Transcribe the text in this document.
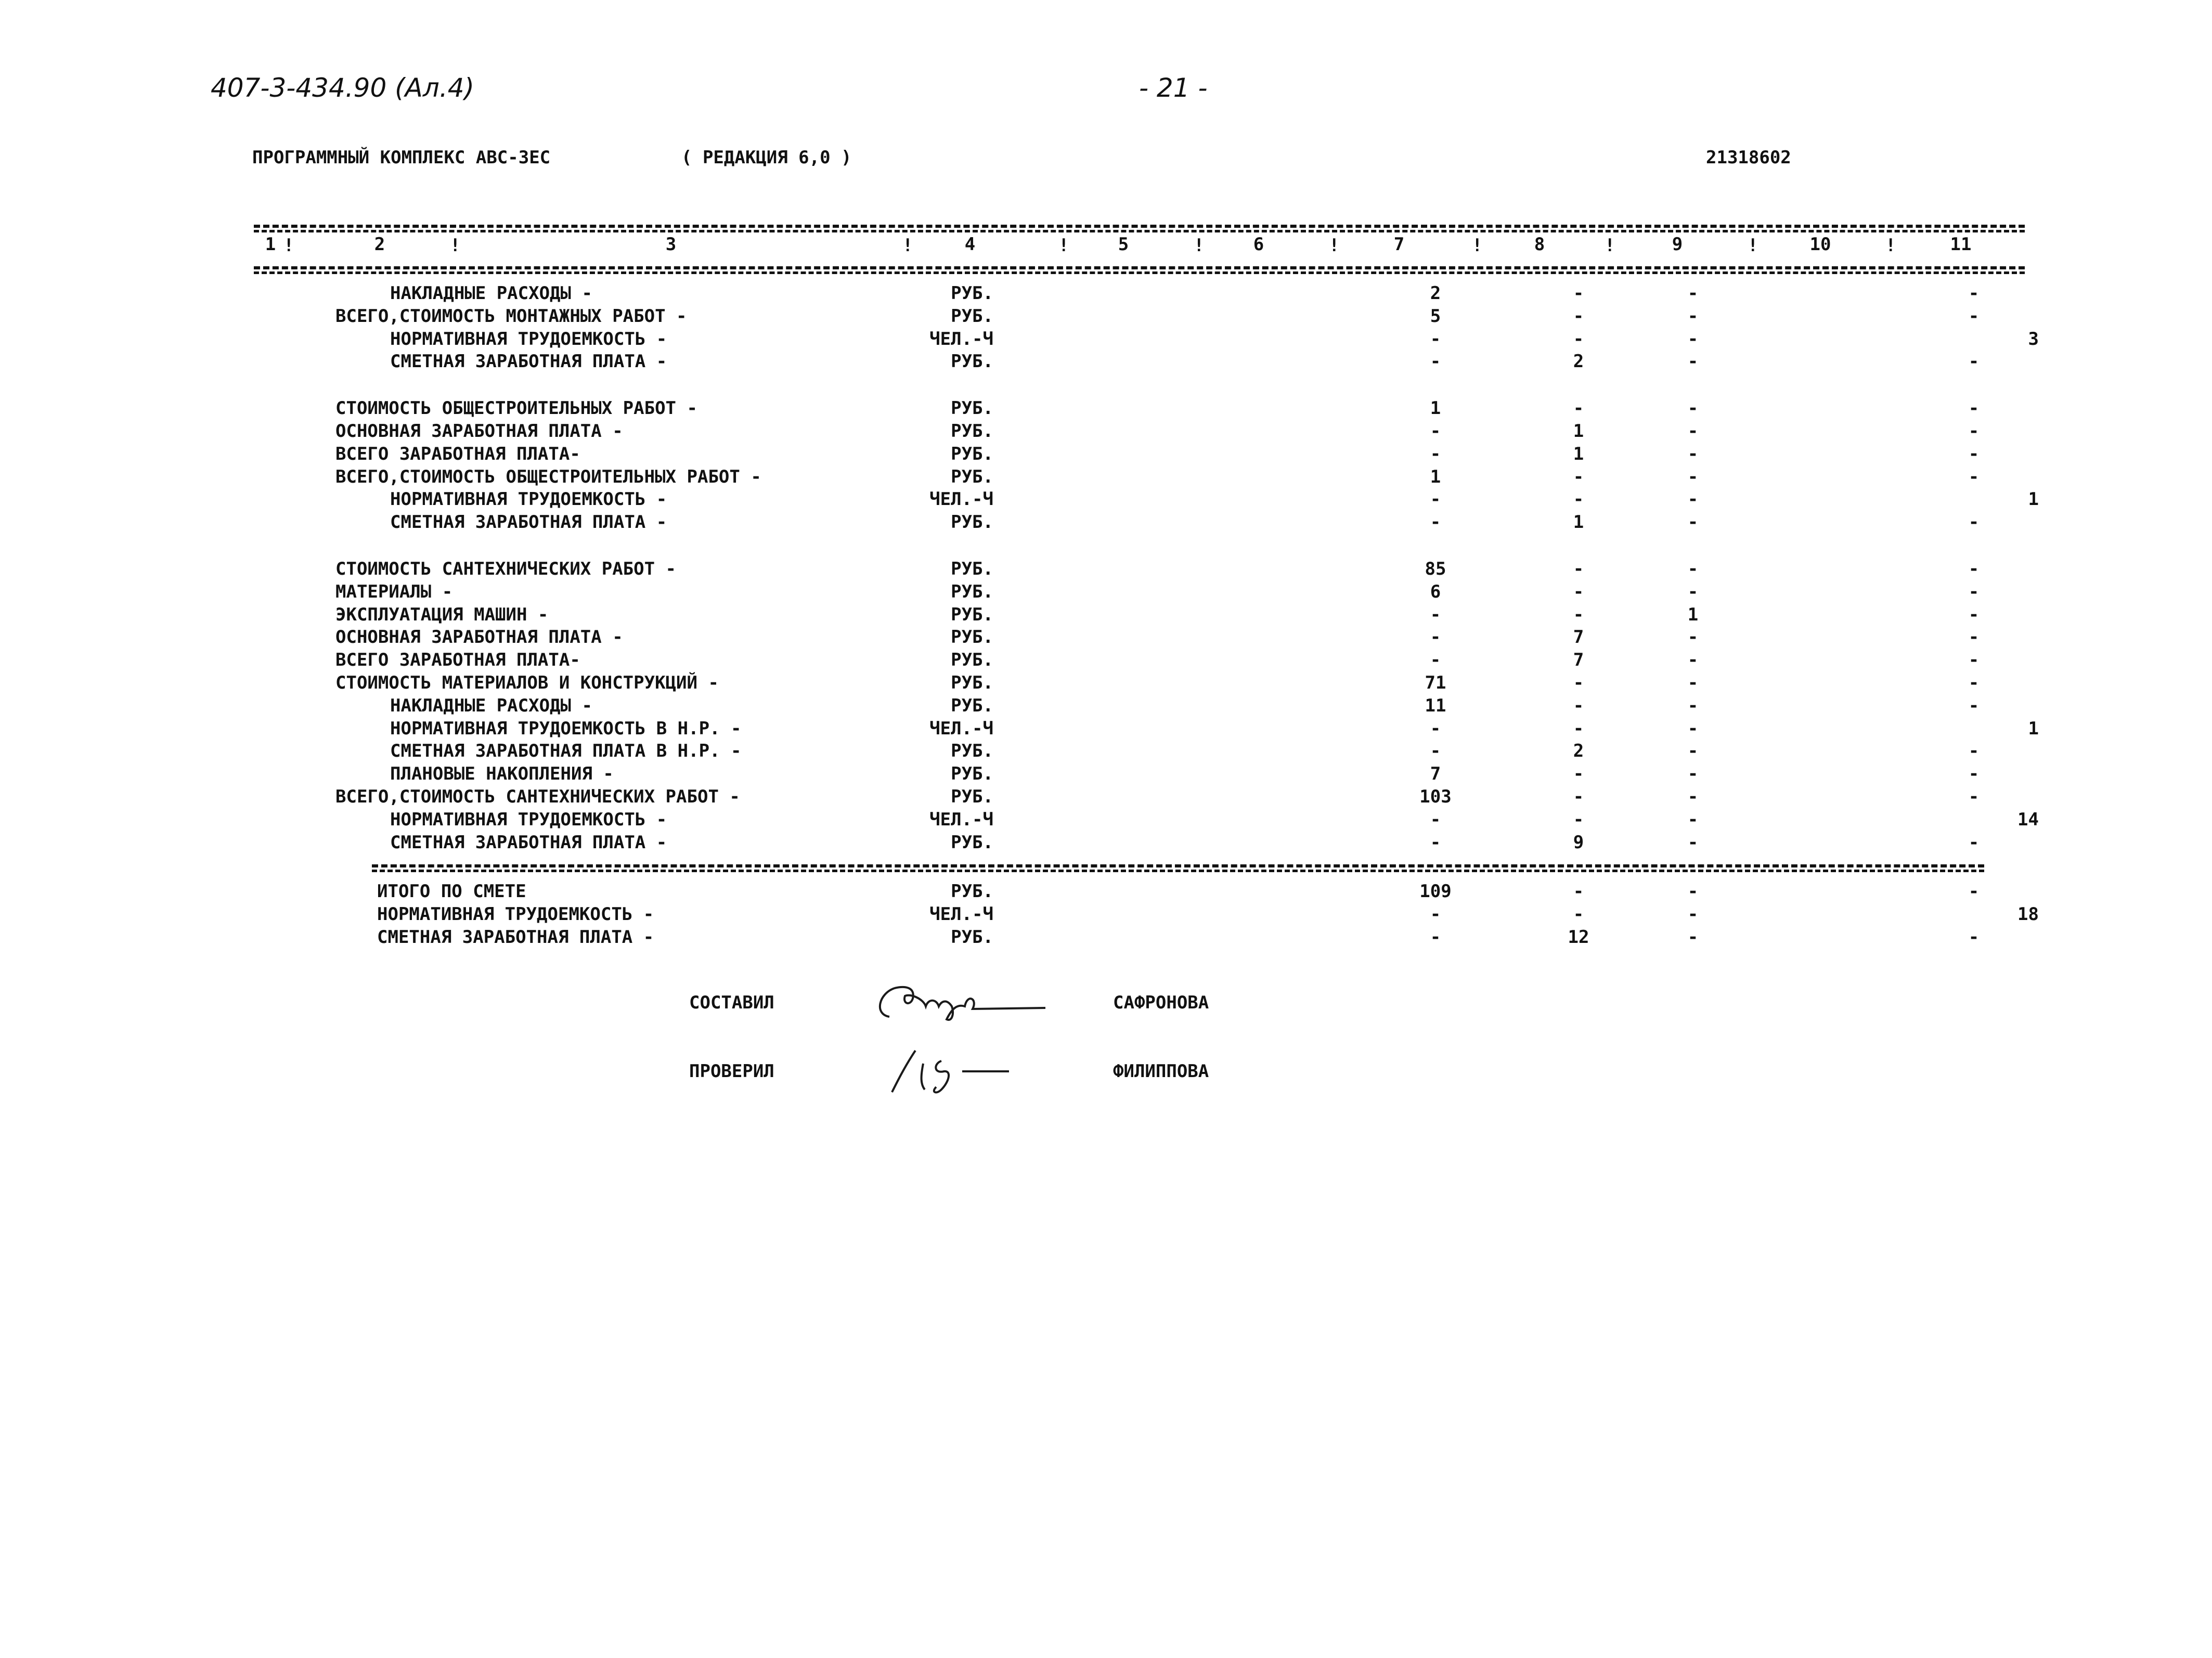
407-3-434.90 (Ал.4)	- 21 -
ПРОГРАММНЫЙ КОМПЛЕКС АВС-3ЕС	( РЕДАКЦИЯ 6,0 )	21318602
1	2	3	4	5	6	7	8	9	10	11
!	!	!	!	!	!	!	!	!	!
НАКЛАДНЫЕ РАСХОДЫ -	РУБ.	2	-	-	-
ВСЕГО,СТОИМОСТЬ МОНТАЖНЫХ РАБОТ -	РУБ.	5	-	-	-
НОРМАТИВНАЯ ТРУДОЕМКОСТЬ -	ЧЕЛ.-Ч	-	-	-	3
СМЕТНАЯ ЗАРАБОТНАЯ ПЛАТА -	РУБ.	-	2	-	-
СТОИМОСТЬ ОБЩЕСТРОИТЕЛЬНЫХ РАБОТ -	РУБ.	1	-	-	-
ОСНОВНАЯ ЗАРАБОТНАЯ ПЛАТА -	РУБ.	-	1	-	-
ВСЕГО ЗАРАБОТНАЯ ПЛАТА-	РУБ.	-	1	-	-
ВСЕГО,СТОИМОСТЬ ОБЩЕСТРОИТЕЛЬНЫХ РАБОТ -	РУБ.	1	-	-	-
НОРМАТИВНАЯ ТРУДОЕМКОСТЬ -	ЧЕЛ.-Ч	-	-	-	1
СМЕТНАЯ ЗАРАБОТНАЯ ПЛАТА -	РУБ.	-	1	-	-
СТОИМОСТЬ САНТЕХНИЧЕСКИХ РАБОТ -	РУБ.	85	-	-	-
МАТЕРИАЛЫ -	РУБ.	6	-	-	-
ЭКСПЛУАТАЦИЯ МАШИН -	РУБ.	-	-	1	-
ОСНОВНАЯ ЗАРАБОТНАЯ ПЛАТА -	РУБ.	-	7	-	-
ВСЕГО ЗАРАБОТНАЯ ПЛАТА-	РУБ.	-	7	-	-
СТОИМОСТЬ МАТЕРИАЛОВ И КОНСТРУКЦИЙ -	РУБ.	71	-	-	-
НАКЛАДНЫЕ РАСХОДЫ -	РУБ.	11	-	-	-
НОРМАТИВНАЯ ТРУДОЕМКОСТЬ В Н.Р. -	ЧЕЛ.-Ч	-	-	-	1
СМЕТНАЯ ЗАРАБОТНАЯ ПЛАТА В Н.Р. -	РУБ.	-	2	-	-
ПЛАНОВЫЕ НАКОПЛЕНИЯ -	РУБ.	7	-	-	-
ВСЕГО,СТОИМОСТЬ САНТЕХНИЧЕСКИХ РАБОТ -	РУБ.	103	-	-	-
НОРМАТИВНАЯ ТРУДОЕМКОСТЬ -	ЧЕЛ.-Ч	-	-	-	14
СМЕТНАЯ ЗАРАБОТНАЯ ПЛАТА -	РУБ.	-	9	-	-
ИТОГО ПО СМЕТЕ	РУБ.	109	-	-	-
НОРМАТИВНАЯ ТРУДОЕМКОСТЬ -	ЧЕЛ.-Ч	-	-	-	18
СМЕТНАЯ ЗАРАБОТНАЯ ПЛАТА -	РУБ.	-	12	-	-
СОСТАВИЛ	САФРОНОВА
ПРОВЕРИЛ	ФИЛИППОВА
